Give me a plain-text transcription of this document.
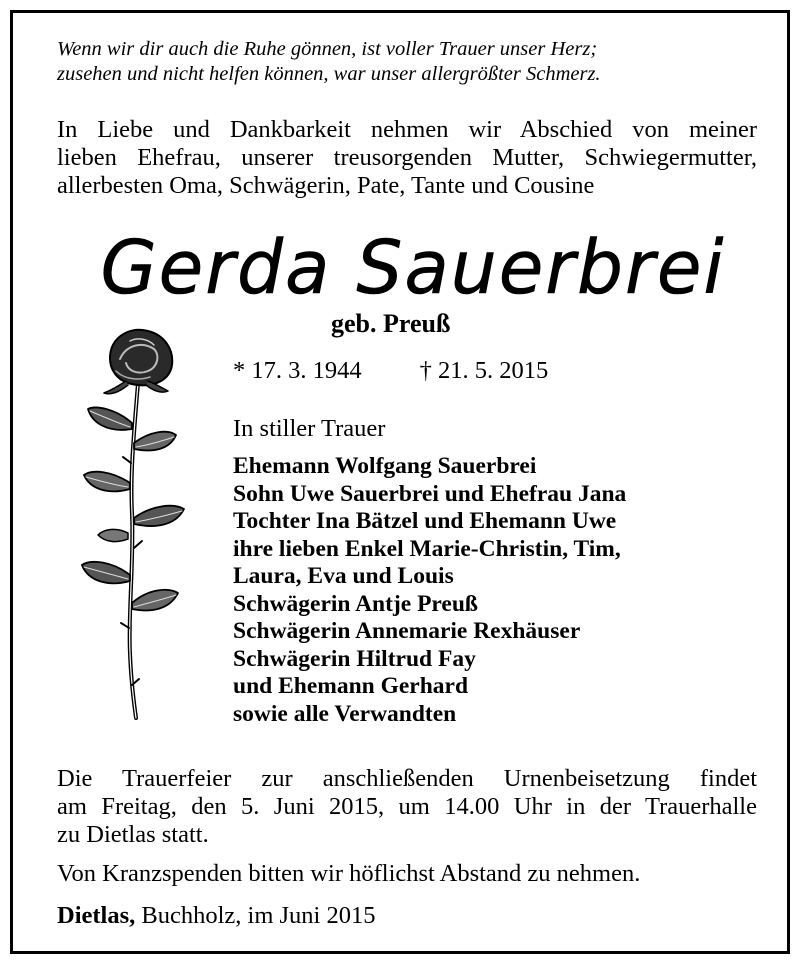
Wenn wir dir auch die Ruhe gönnen, ist voller Trauer unser Herz;
zusehen und nicht helfen können, war unser allergrößter Schmerz.
In Liebe und Dankbarkeit nehmen wir Abschied von meiner
lieben Ehefrau, unserer treusorgenden Mutter, Schwiegermutter,
allerbesten Oma, Schwägerin, Pate, Tante und Cousine
Gerda Sauerbrei
geb. Preuß
* 17. 3. 1944 † 21. 5. 2015
In stiller Trauer
Ehemann Wolfgang Sauerbrei
Sohn Uwe Sauerbrei und Ehefrau Jana
Tochter Ina Bätzel und Ehemann Uwe
ihre lieben Enkel Marie-Christin, Tim,
Laura, Eva und Louis
Schwägerin Antje Preuß
Schwägerin Annemarie Rexhäuser
Schwägerin Hiltrud Fay
und Ehemann Gerhard
sowie alle Verwandten
Die Trauerfeier zur anschließenden Urnenbeisetzung findet
am Freitag, den 5. Juni 2015, um 14.00 Uhr in der Trauerhalle
zu Dietlas statt.
Von Kranzspenden bitten wir höflichst Abstand zu nehmen.
Dietlas, Buchholz, im Juni 2015
